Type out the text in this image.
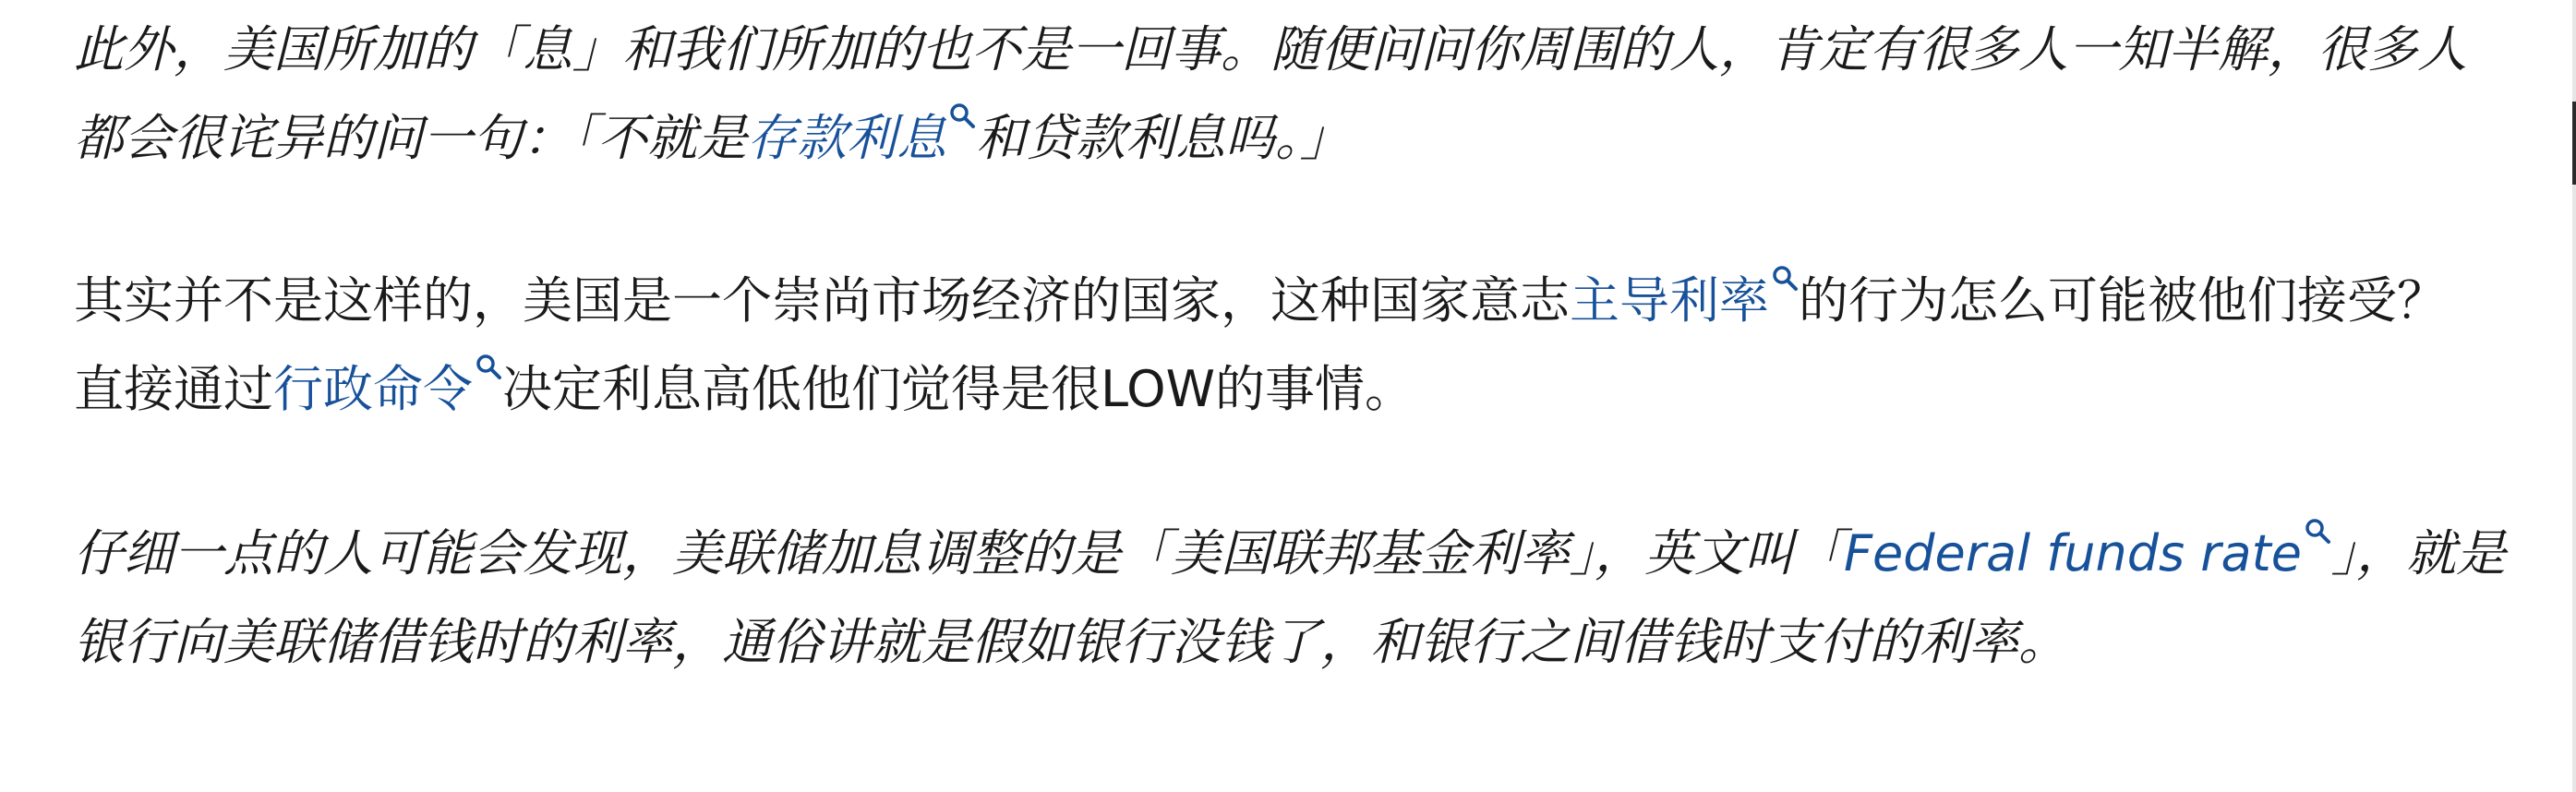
此外，美国所加的「息」和我们所加的也不是一回事。随便问问你周围的人，肯定有很多人一知半解，很多人都会很诧异的问一句：「不就是存款利息 和贷款利息吗。」

其实并不是这样的，美国是一个崇尚市场经济的国家，这种国家意志主导利率 的行为怎么可能被他们接受？直接通过行政命令 决定利息高低他们觉得是很LOW的事情。

仔细一点的人可能会发现，美联储加息调整的是「美国联邦基金利率」，英文叫「Federal funds rate 」，就是银行向美联储借钱时的利率，通俗讲就是假如银行没钱了，和银行之间借钱时支付的利率。
